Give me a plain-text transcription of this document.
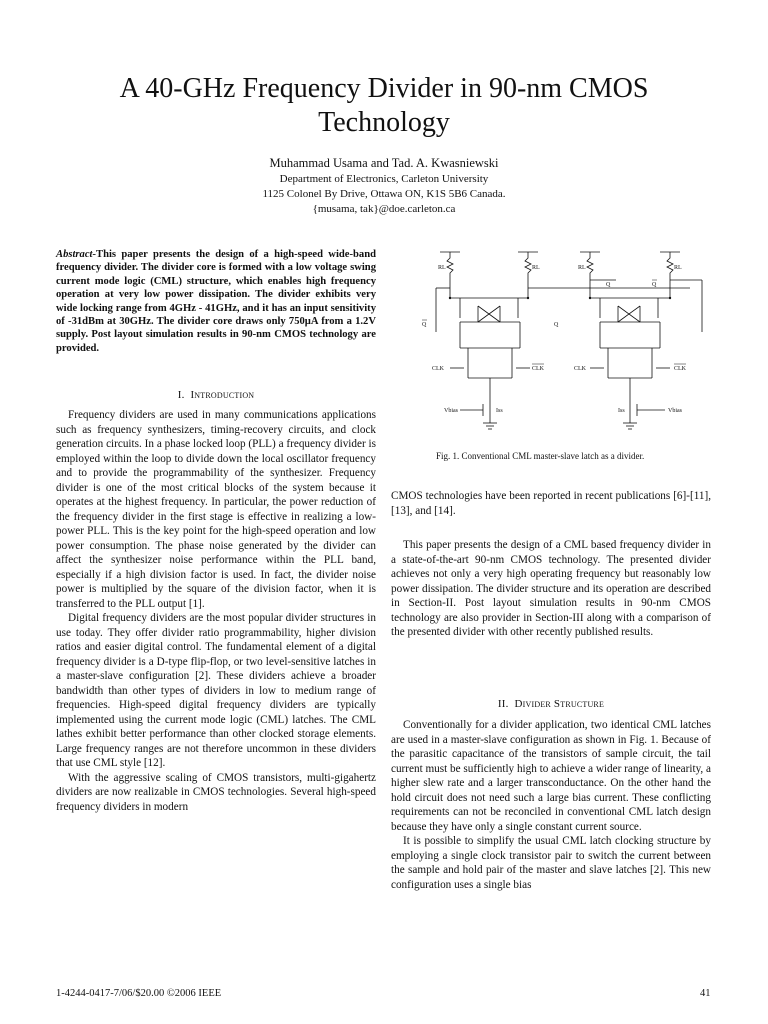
A 40-GHz Frequency Divider in 90-nm CMOS Technology
Muhammad Usama and Tad. A. Kwasniewski
Department of Electronics, Carleton University
1125 Colonel By Drive, Ottawa ON, K1S 5B6 Canada.
{musama, tak}@doe.carleton.ca
Abstract-This paper presents the design of a high-speed wide-band frequency divider. The divider core is formed with a low voltage swing current mode logic (CML) structure, which enables high frequency operation at very low power dissipation. The divider exhibits very wide locking range from 4GHz - 41GHz, and it has an input sensitivity of -31dBm at 30GHz. The divider core draws only 750µA from a 1.2V supply. Post layout simulation results in 90-nm CMOS technology are provided.
I. Introduction

Frequency dividers are used in many communications applications such as frequency synthesizers, timing-recovery circuits, and clock generation circuits. In a phase locked loop (PLL) a frequency divider is employed within the loop to divide down the local oscillator frequency and to provide the programmability of the synthesizer. Frequency divider is one of the most critical blocks of the system because it operates at the highest frequency. In particular, the power reduction of the frequency divider in the first stage is effective in realizing a low-power PLL. This is the key point for the high-speed operation and low power consumption. The phase noise generated by the divider can affect the synthesizer noise performance within the PLL band, especially if a high division factor is used. In fact, the divider noise power is multiplied by the square of the division factor, when it is transferred to the PLL output [1].

Digital frequency dividers are the most popular divider structures in use today. They offer divider ratio programmability, higher division ratios and easier digital control. The fundamental element of a digital frequency divider is a D-type flip-flop, or two level-sensitive latches in a master-slave configuration [2]. These dividers achieve a broader bandwidth than other types of dividers in low to medium range of frequencies. High-speed digital frequency dividers are typically implemented using the current mode logic (CML) latches. The CML lathes exhibit better performance than other clocked storage elements. Large frequency ranges are not therefore uncommon in these dividers that use CML style [12].

With the aggressive scaling of CMOS transistors, multi-gigahertz dividers are now realizable in CMOS technologies. Several high-speed frequency dividers in modern

RL	RL	RL	RL
Q	Q
Q	Q
CLK	CLK	CLK	CLK
Vbias	Iss	Iss	Vbias
Fig. 1. Conventional CML master-slave latch as a divider.

CMOS technologies have been reported in recent publications [6]-[11], [13], and [14].

This paper presents the design of a CML based frequency divider in a state-of-the-art 90-nm CMOS technology. The presented divider achieves not only a very high operating frequency but reasonably low power dissipation. The divider structure and its operation are described in Section-II. Post layout simulation results in 90-nm CMOS technology are also provider in Section-III along with a comparison of the presented divider with other recently published results.

II. Divider Structure

Conventionally for a divider application, two identical CML latches are used in a master-slave configuration as shown in Fig. 1. Because of the parasitic capacitance of the transistors of sample circuit, the tail current must be sufficiently high to achieve a wider range of linearity, a higher slew rate and a larger transconductance. On the other hand the hold circuit does not need such a large bias current. These conflicting requirements can not be reconciled in conventional CML latch design because they have only a single constant current source.

It is possible to simplify the usual CML latch clocking structure by employing a single clock transistor pair to switch the current between the sample and hold pair of the master and slave latches [2]. This new configuration uses a single bias

1-4244-0417-7/06/$20.00 ©2006 IEEE	41
